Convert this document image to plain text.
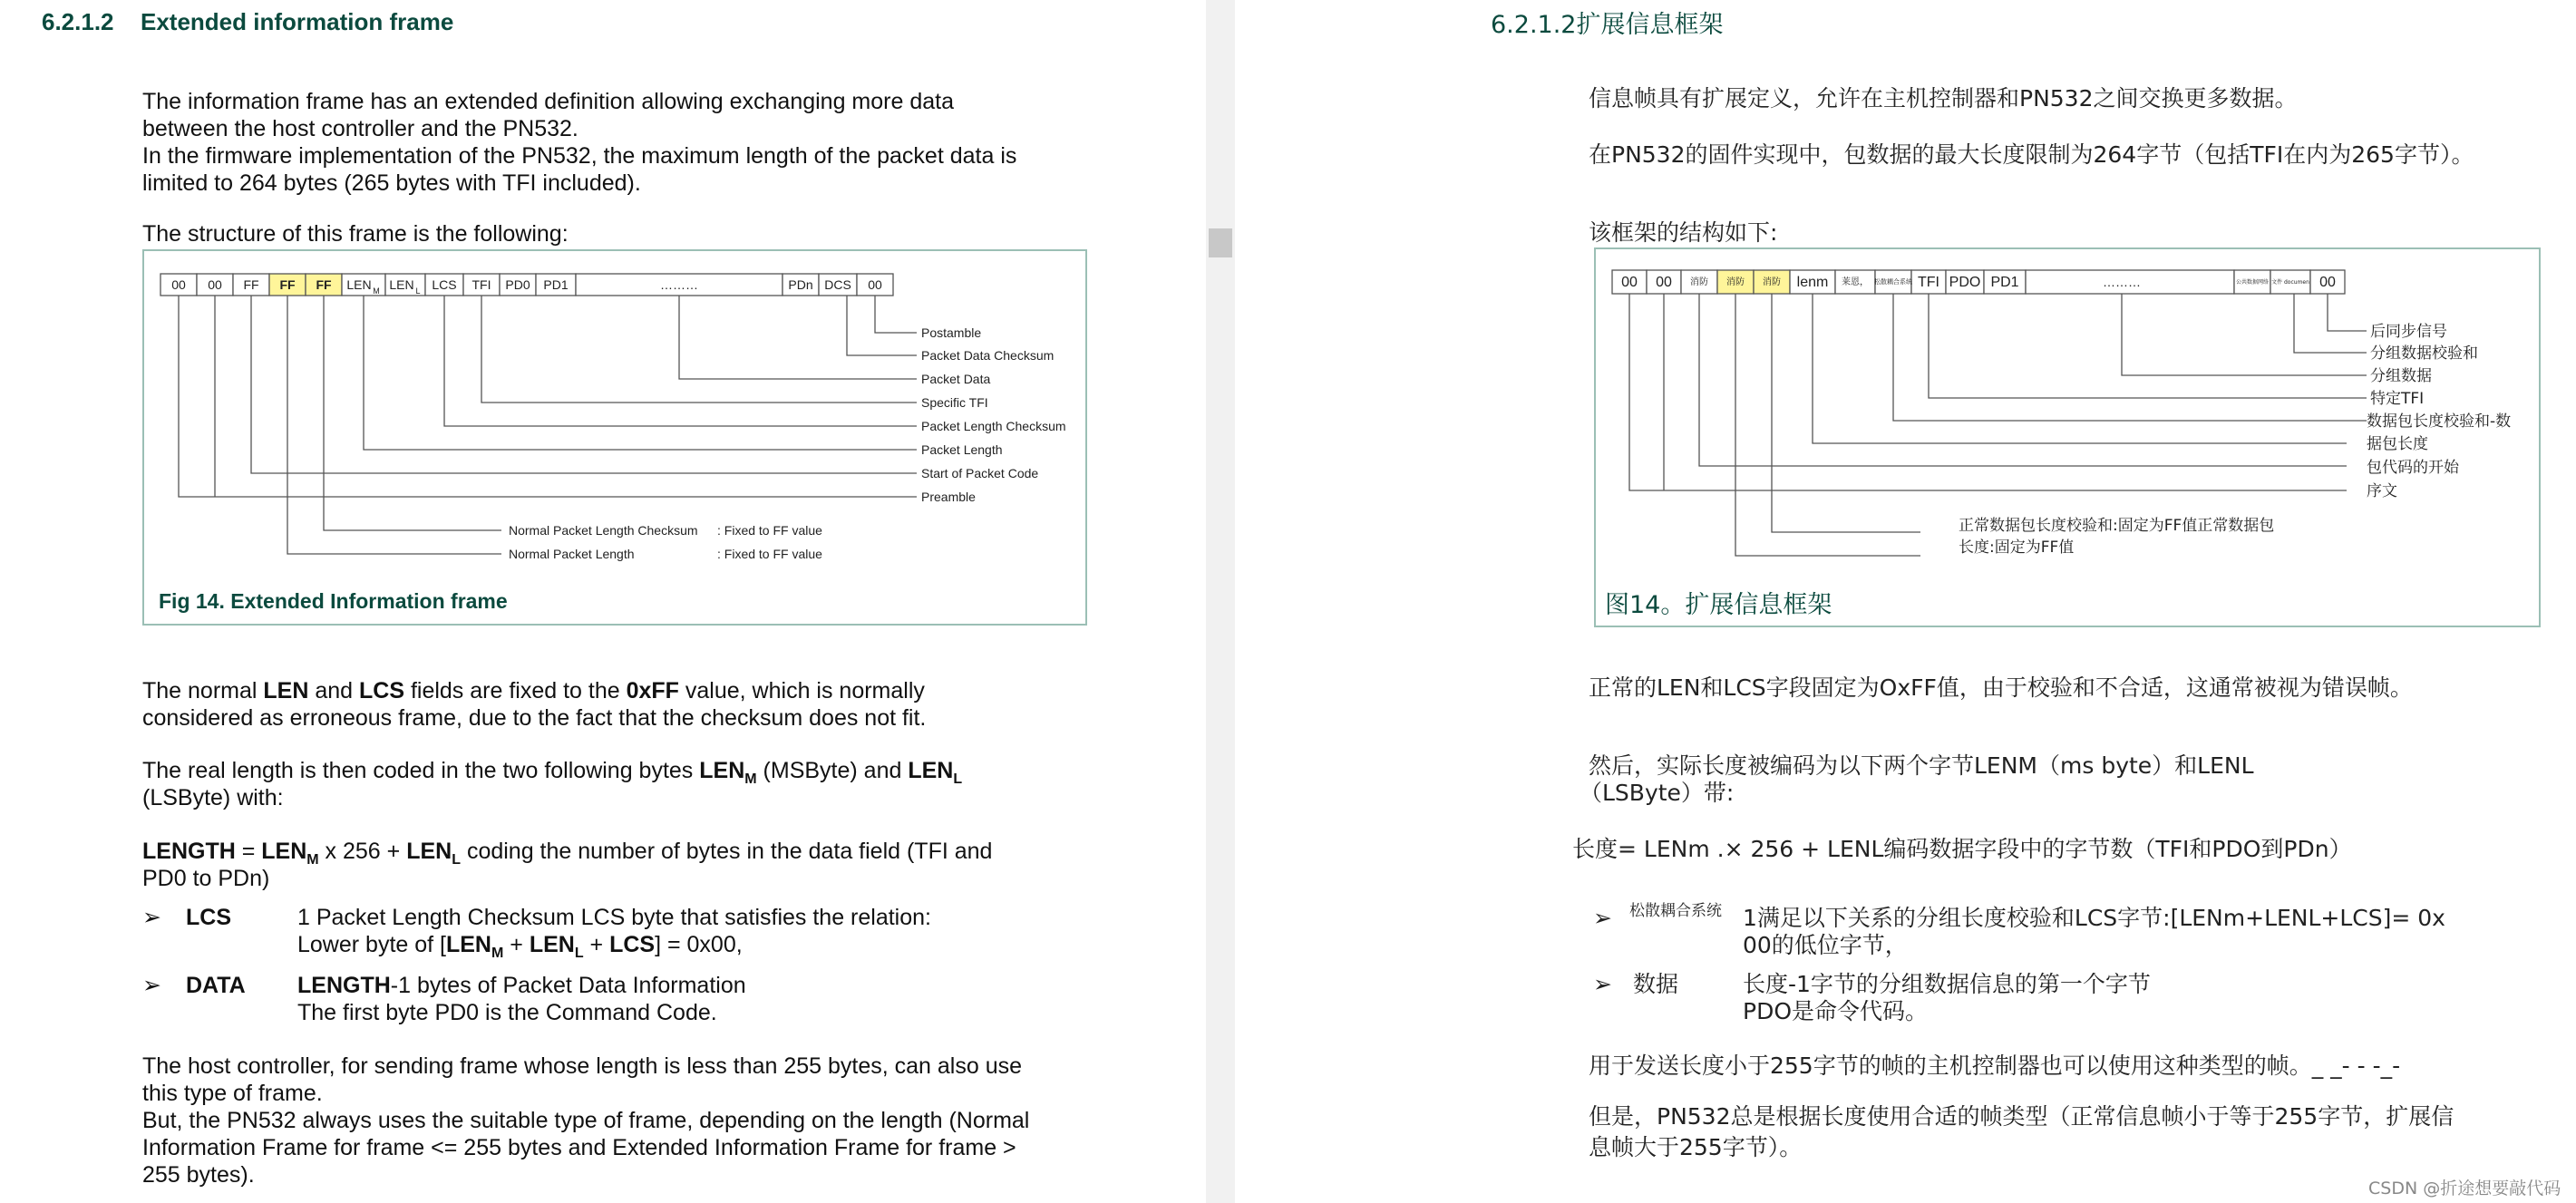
6.2.1.2 Extended information frame
The information frame has an extended definition allowing exchanging more data
between the host controller and the PN532.
In the firmware implementation of the PN532, the maximum length of the packet data is
limited to 264 bytes (265 bytes with TFI included).
The structure of this frame is the following:
00 00 FF FF FF LEN M LEN L LCS TFI PD0 PD1	………	PDn DCS 00
Postamble
Packet Data Checksum
Packet Data
Specific TFI
Packet Length Checksum
Packet Length
Start of Packet Code
Preamble
Normal Packet Length Checksum : Fixed to FF value
Normal Packet Length	: Fixed to FF value
Fig 14. Extended Information frame
The normal LEN and LCS fields are fixed to the 0xFF value, which is normally
considered as erroneous frame, due to the fact that the checksum does not fit.
The real length is then coded in the two following bytes $LEN_M$ (MSByte) and $LEN_L$
(LSByte) with:
LENGTH = $LEN_M$ x $256 + LEN_L$ coding the number of bytes in the data field (TFI and
PD0 to PDn)
➢ LCS	1 Packet Length Checksum LCS byte that satisfies the relation:
Lower byte of $[LEN_M + LEN_L + LCS] = 0x00$,
➢ DATA LENGTH-1 bytes of Packet Data Information
The first byte PD0 is the Command Code.
The host controller, for sending frame whose length is less than 255 bytes, can also use
this type of frame.
But, the PN532 always uses the suitable type of frame, depending on the length (Normal
Information Frame for frame <= 255 bytes and Extended Information Frame for frame >
255 bytes).
6.2.1.2扩展信息框架
信息帧具有扩展定义，允许在主机控制器和PN532之间交换更多数据。
在PN532的固件实现中，包数据的最大长度限制为264字节（包括TFI在内为265字节）。
该框架的结构如下:
00 00 消防 消防 消防 lenm 莱恩， 松散耦合系统 TFI PDO PD1	………	公共数据网络 文件 documen 00
后同步信号
分组数据校验和
分组数据
特定TFI
数据包长度校验和-数
据包长度
包代码的开始
序文
正常数据包长度校验和:固定为FF值正常数据包
长度:固定为FF值
图14。扩展信息框架
正常的LEN和LCS字段固定为OxFF值，由于校验和不合适，这通常被视为错误帧。
然后，实际长度被编码为以下两个字节LENM（ms byte）和LENL
（LSByte）带:
长度= LENm .× 256 + LENL编码数据字段中的字节数（TFI和PDO到PDn）
➢ 松散耦合系统 1满足以下关系的分组长度校验和LCS字节:[LENm+LENL+LCS]= 0x
00的低位字节，
➢ 数据	长度-1字节的分组数据信息的第一个字节
PDO是命令代码。
用于发送长度小于255字节的帧的主机控制器也可以使用这种类型的帧。_ _- - -_-
但是，PN532总是根据长度使用合适的帧类型（正常信息帧小于等于255字节，扩展信
息帧大于255字节）。
CSDN @折途想要敲代码
